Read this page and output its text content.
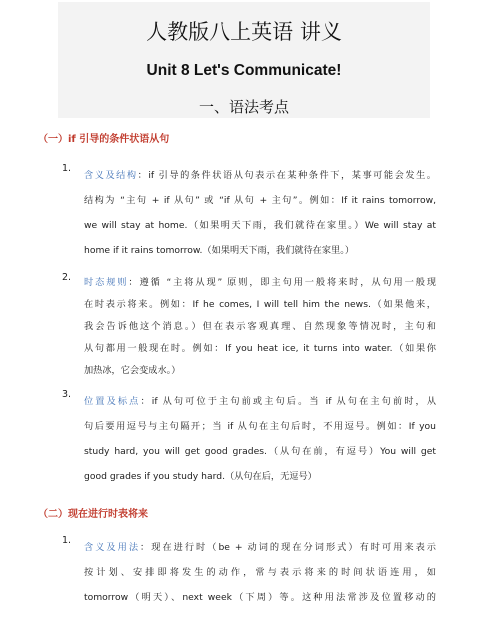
人教版八上英语 讲义
Unit 8 Let's Communicate!
一、语法考点
（一）if 引导的条件状语从句
1.
含义及结构：if 引导的条件状语从句表示在某种条件下，某事可能会发生。
结构为 “主句 + if 从句” 或 “if 从句 + 主句”。例如：If it rains tomorrow,
we will stay at home.（如果明天下雨，我们就待在家里。）We will stay at
home if it rains tomorrow.（如果明天下雨，我们就待在家里。）
2. 时态规则：遵循 “主将从现” 原则，即主句用一般将来时，从句用一般现
在时表示将来。例如：If he comes, I will tell him the news.（如果他来，
我会告诉他这个消息。）但在表示客观真理、自然现象等情况时，主句和
从句都用一般现在时。例如：If you heat ice, it turns into water.（如果你
加热冰，它会变成水。）
3.
位置及标点：if 从句可位于主句前或主句后。当 if 从句在主句前时，从
句后要用逗号与主句隔开；当 if 从句在主句后时，不用逗号。例如：If you
study hard, you will get good grades.（从句在前，有逗号）You will get
good grades if you study hard.（从句在后，无逗号）
（二）现在进行时表将来
1.
含义及用法：现在进行时（be + 动词的现在分词形式）有时可用来表示
按计划、安排即将发生的动作，常与表示将来的时间状语连用，如
tomorrow（明天）、next week（下周）等。这种用法常涉及位置移动的
